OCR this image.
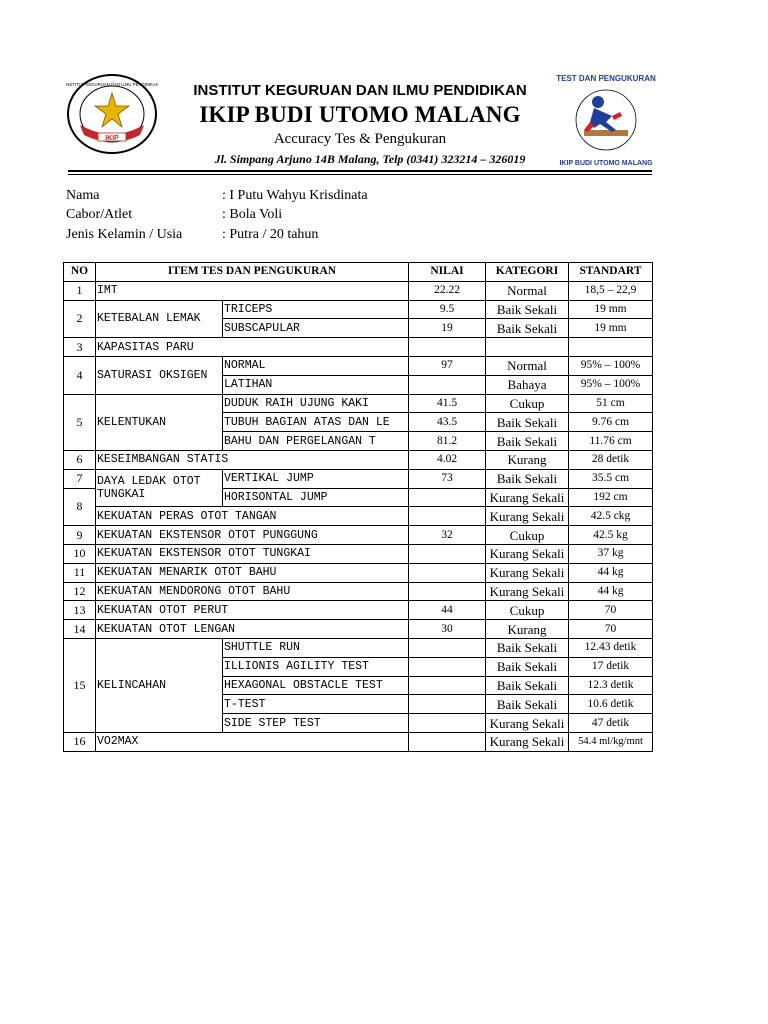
IKIP
INSTITUT KEGURUAN DAN ILMU PENDIDIKAN
MALANG
TEST DAN PENGUKURAN
IKIP BUDI UTOMO MALANG
INSTITUT KEGURUAN DAN ILMU PENDIDIKAN
IKIP BUDI UTOMO MALANG
Accuracy Tes & Pengukuran
Jl. Simpang Arjuno 14B Malang, Telp (0341) 323214 – 326019
Nama	: I Putu Wahyu Krisdinata
Cabor/Atlet	: Bola Voli
Jenis Kelamin / Usia	: Putra / 20 tahun
NO	ITEM TES DAN PENGUKURAN		NILAI	KATEGORI	STANDART
1	IMT		22.22	Normal	18,5 – 22,9
2	KETEBALAN LEMAK	TRICEPS	9.5	Baik Sekali	19 mm
		SUBSCAPULAR	19	Baik Sekali	19 mm
3	KAPASITAS PARU				
4	SATURASI OKSIGEN	NORMAL	97	Normal	95% – 100%
		LATIHAN		Bahaya	95% – 100%
5	KELENTUKAN	DUDUK RAIH UJUNG KAKI	41.5	Cukup	51 cm
		TUBUH BAGIAN ATAS DAN LE	43.5	Baik Sekali	9.76 cm
		BAHU DAN PERGELANGAN T	81.2	Baik Sekali	11.76 cm
6	KESEIMBANGAN STATIS		4.02	Kurang	28 detik
7	DAYA LEDAK OTOT TUNGKAI	VERTIKAL JUMP	73	Baik Sekali	35.5 cm
8		HORISONTAL JUMP		Kurang Sekali	192 cm
	KEKUATAN PERAS OTOT TANGAN			Kurang Sekali	42.5 ckg
9	KEKUATAN EKSTENSOR OTOT PUNGGUNG		32	Cukup	42.5 kg
10	KEKUATAN EKSTENSOR OTOT TUNGKAI			Kurang Sekali	37 kg
11	KEKUATAN MENARIK OTOT BAHU			Kurang Sekali	44 kg
12	KEKUATAN MENDORONG OTOT BAHU			Kurang Sekali	44 kg
13	KEKUATAN OTOT PERUT		44	Cukup	70
14	KEKUATAN OTOT LENGAN		30	Kurang	70
15	KELINCAHAN	SHUTTLE RUN		Baik Sekali	12.43 detik
		ILLIONIS AGILITY TEST		Baik Sekali	17 detik
		HEXAGONAL OBSTACLE TEST		Baik Sekali	12.3 detik
		T-TEST		Baik Sekali	10.6 detik
		SIDE STEP TEST		Kurang Sekali	47 detik
16	VO2MAX			Kurang Sekali	54.4 ml/kg/mnt
